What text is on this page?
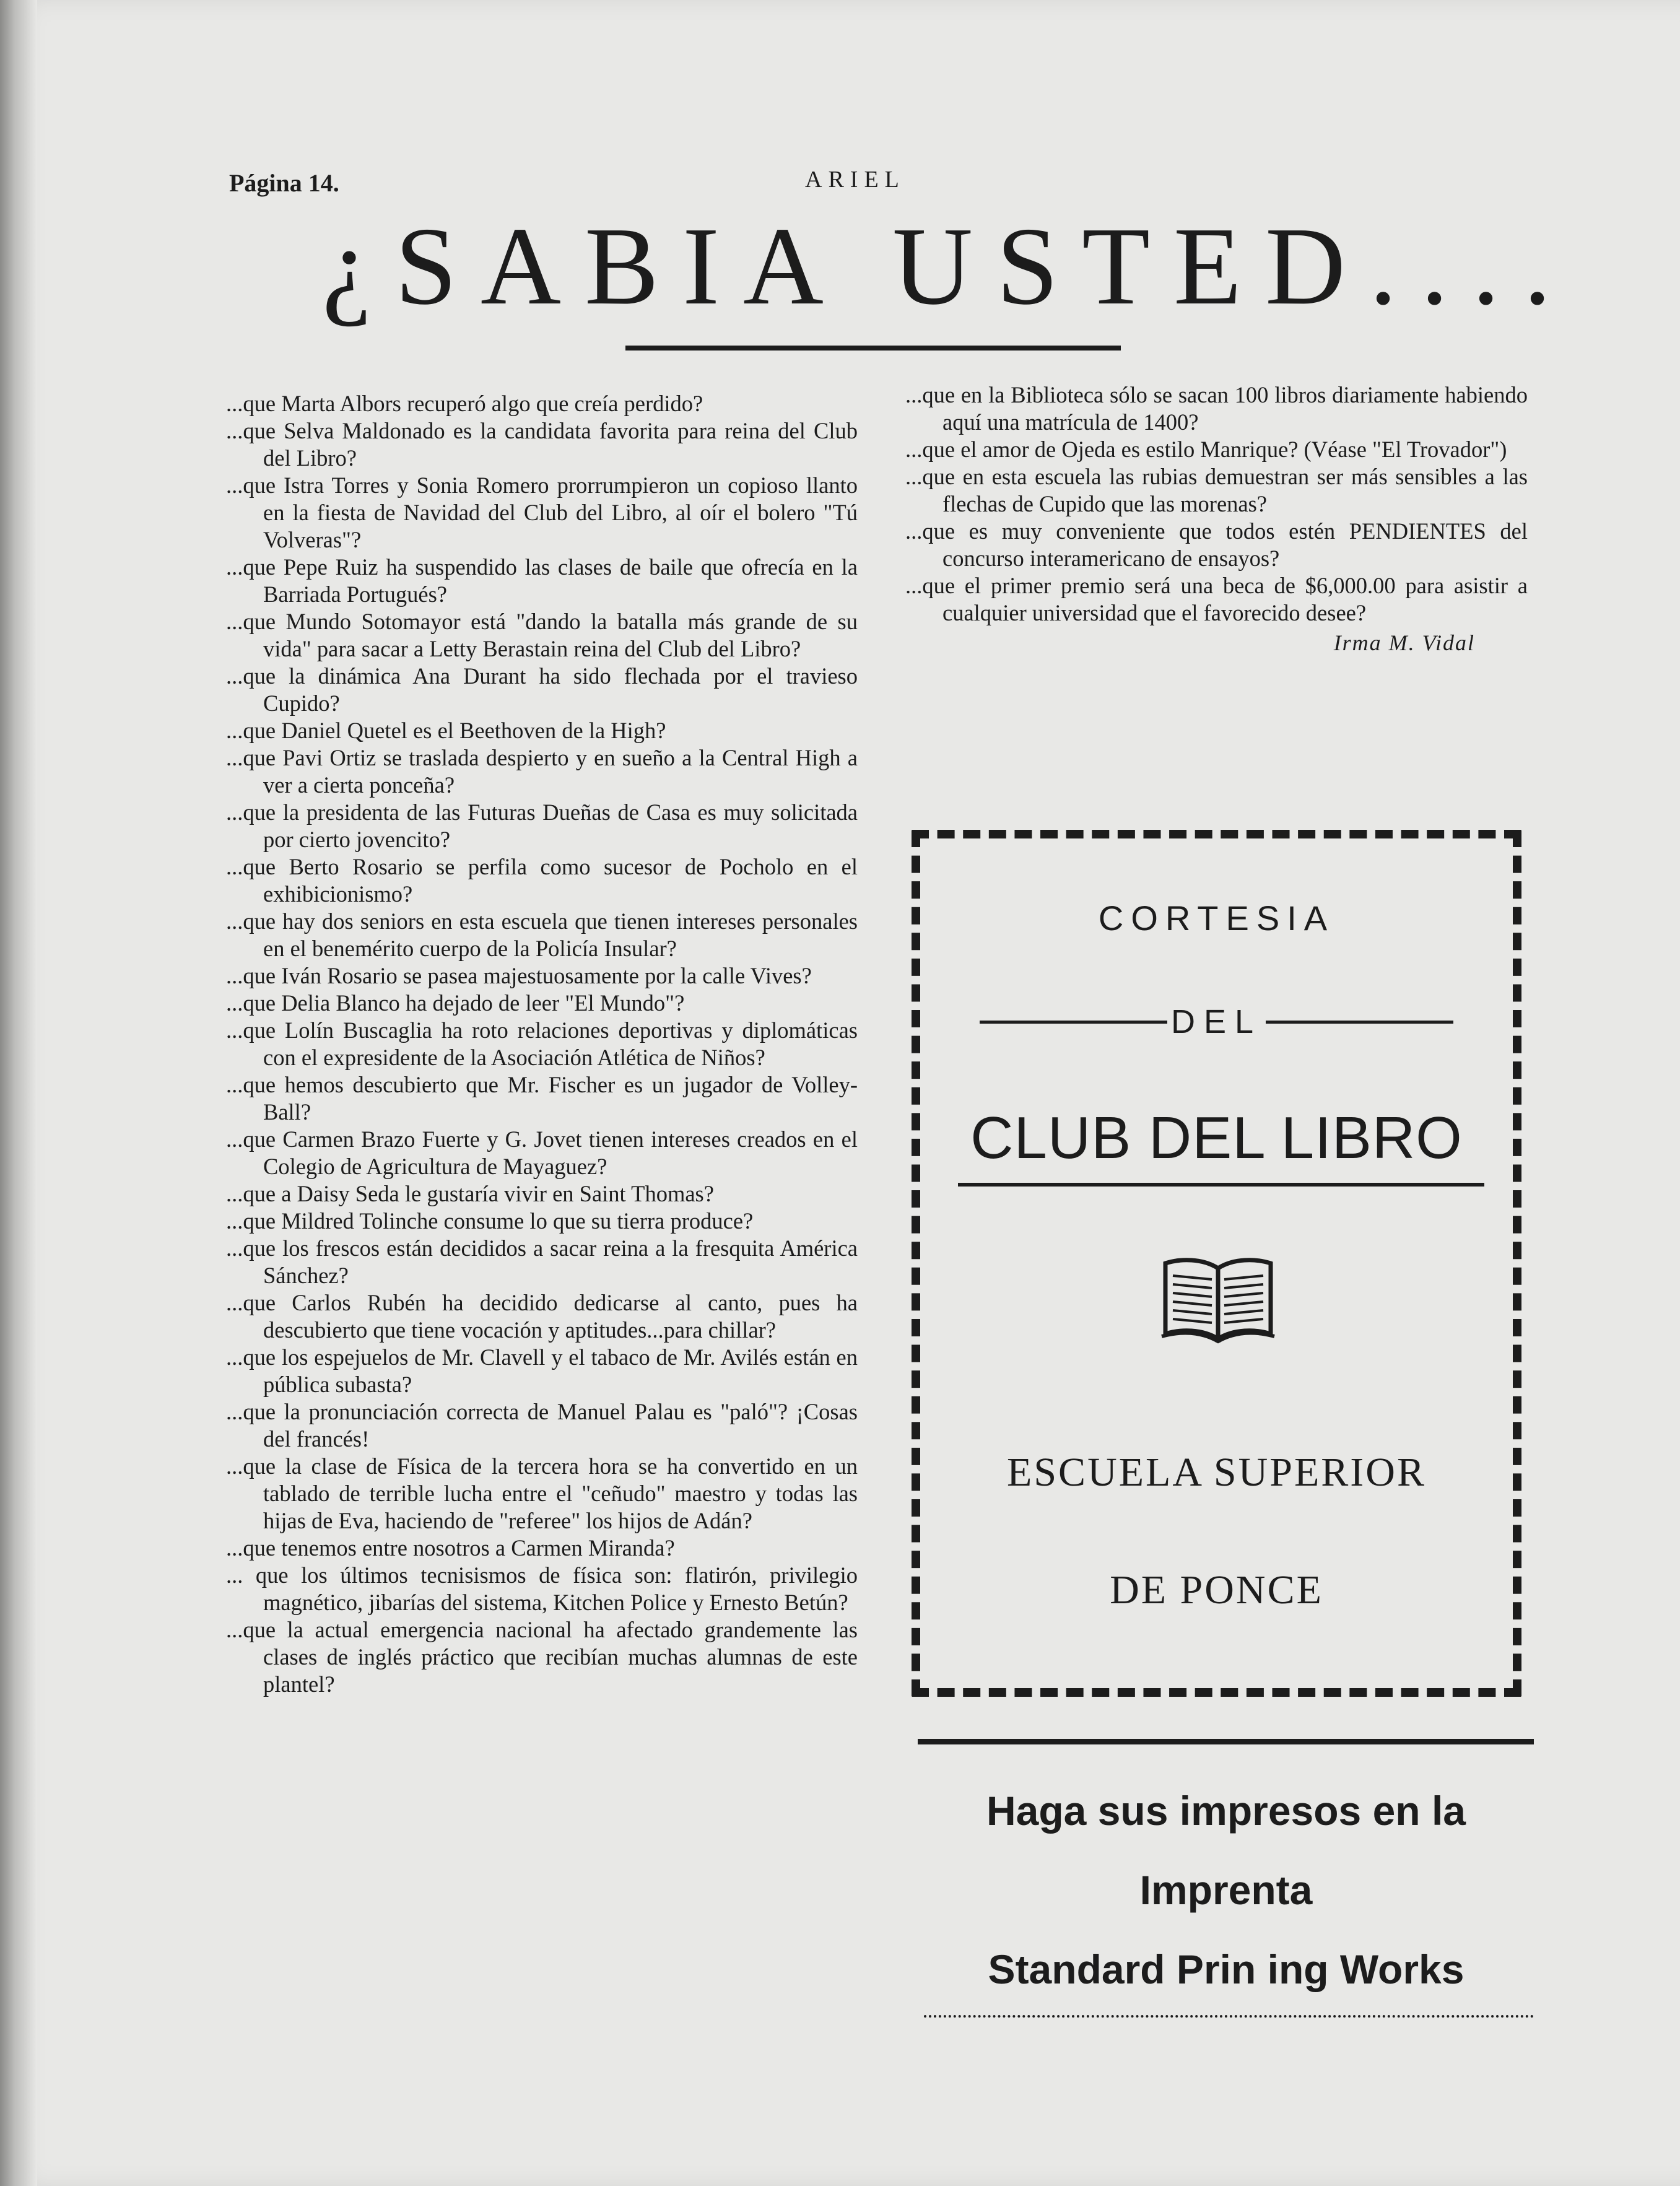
Página 14.	ARIEL
¿SABIA USTED....

...que Marta Albors recuperó algo que creía perdido?

...que Selva Maldonado es la candidata favorita para reina del Club del Libro?

...que Istra Torres y Sonia Romero prorrumpieron un copioso llanto en la fiesta de Navidad del Club del Libro, al oír el bolero "Tú Volveras"?

...que Pepe Ruiz ha suspendido las clases de baile que ofrecía en la Barriada Portugués?

...que Mundo Sotomayor está "dando la batalla más grande de su vida" para sacar a Letty Berastain reina del Club del Libro?

...que la dinámica Ana Durant ha sido flechada por el travieso Cupido?

...que Daniel Quetel es el Beethoven de la High?

...que Pavi Ortiz se traslada despierto y en sueño a la Central High a ver a cierta ponceña?

...que la presidenta de las Futuras Dueñas de Casa es muy solicitada por cierto jovencito?

...que Berto Rosario se perfila como sucesor de Pocholo en el exhibicionismo?

...que hay dos seniors en esta escuela que tienen intereses personales en el benemérito cuerpo de la Policía Insular?

...que Iván Rosario se pasea majestuosamente por la calle Vives?

...que Delia Blanco ha dejado de leer "El Mundo"?

...que Lolín Buscaglia ha roto relaciones deportivas y diplomáticas con el expresidente de la Asociación Atlética de Niños?

...que hemos descubierto que Mr. Fischer es un jugador de Volley-Ball?

...que Carmen Brazo Fuerte y G. Jovet tienen intereses creados en el Colegio de Agricultura de Mayaguez?

...que a Daisy Seda le gustaría vivir en Saint Thomas?

...que Mildred Tolinche consume lo que su tierra produce?

...que los frescos están decididos a sacar reina a la fresquita América Sánchez?

...que Carlos Rubén ha decidido dedicarse al canto, pues ha descubierto que tiene vocación y aptitudes...para chillar?

...que los espejuelos de Mr. Clavell y el tabaco de Mr. Avilés están en pública subasta?

...que la pronunciación correcta de Manuel Palau es "paló"? ¡Cosas del francés!

...que la clase de Física de la tercera hora se ha convertido en un tablado de terrible lucha entre el "ceñudo" maestro y todas las hijas de Eva, haciendo de "referee" los hijos de Adán?

...que tenemos entre nosotros a Carmen Miranda?

... que los últimos tecnisismos de física son: flatirón, privilegio magnético, jibarías del sistema, Kitchen Police y Ernesto Betún?

...que la actual emergencia nacional ha afectado grandemente las clases de inglés práctico que recibían muchas alumnas de este plantel?

...que en la Biblioteca sólo se sacan 100 libros diariamente habiendo aquí una matrícula de 1400?

...que el amor de Ojeda es estilo Manrique? (Véase "El Trovador")

...que en esta escuela las rubias demuestran ser más sensibles a las flechas de Cupido que las morenas?

...que es muy conveniente que todos estén PENDIENTES del concurso interamericano de ensayos?

...que el primer premio será una beca de $6,000.00 para asistir a cualquier universidad que el favorecido desee?

Irma M. Vidal
CORTESIA
DEL
CLUB DEL LIBRO
ESCUELA SUPERIOR
DE PONCE
Haga sus impresos en la
Imprenta
Standard Prin ing Works
